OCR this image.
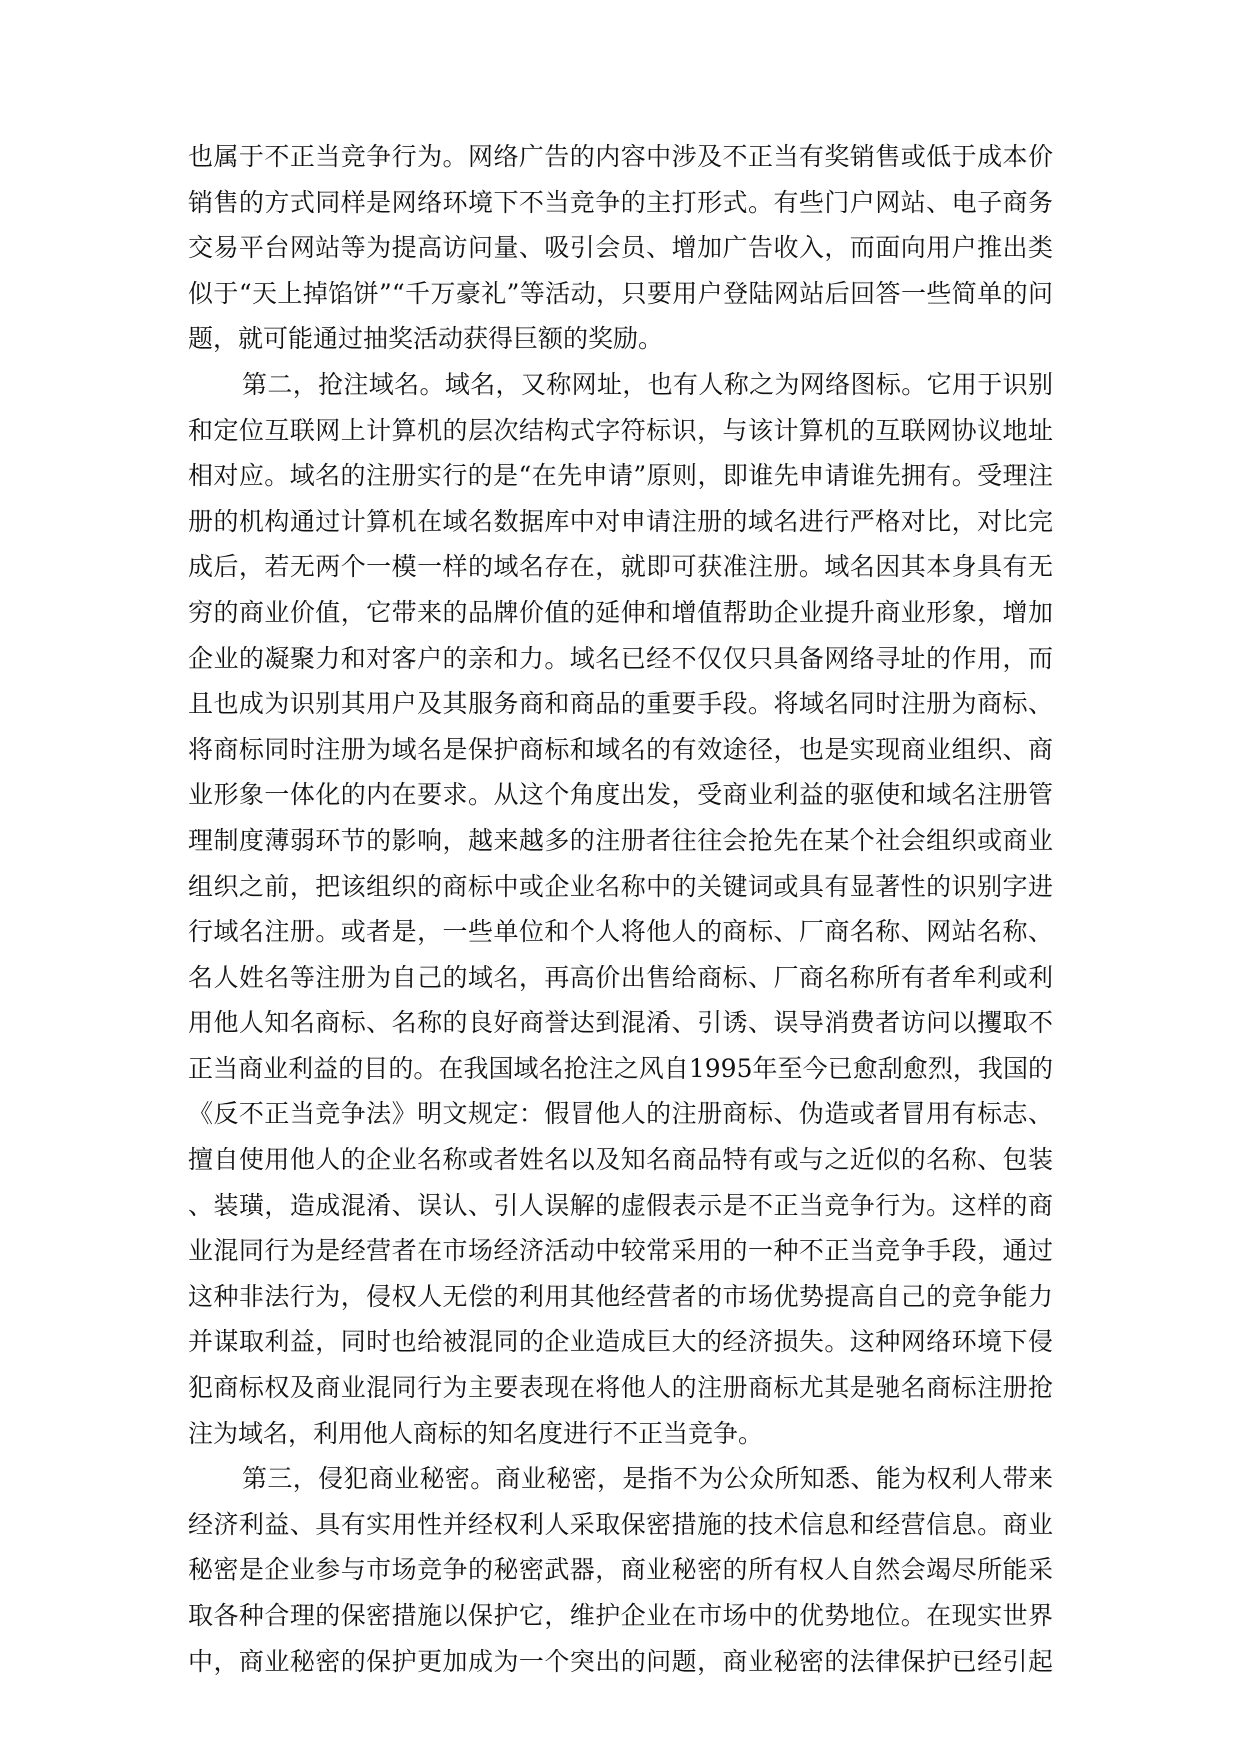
也属于不正当竞争行为。网络广告的内容中涉及不正当有奖销售或低于成本价
销售的方式同样是网络环境下不当竞争的主打形式。有些门户网站、电子商务
交易平台网站等为提高访问量、吸引会员、增加广告收入，而面向用户推出类
似于“天上掉馅饼”“千万豪礼”等活动，只要用户登陆网站后回答一些简单的问
题，就可能通过抽奖活动获得巨额的奖励。
第二，抢注域名。域名，又称网址，也有人称之为网络图标。它用于识别
和定位互联网上计算机的层次结构式字符标识，与该计算机的互联网协议地址
相对应。域名的注册实行的是“在先申请”原则，即谁先申请谁先拥有。受理注
册的机构通过计算机在域名数据库中对申请注册的域名进行严格对比，对比完
成后，若无两个一模一样的域名存在，就即可获准注册。域名因其本身具有无
穷的商业价值，它带来的品牌价值的延伸和增值帮助企业提升商业形象，增加
企业的凝聚力和对客户的亲和力。域名已经不仅仅只具备网络寻址的作用，而
且也成为识别其用户及其服务商和商品的重要手段。将域名同时注册为商标、
将商标同时注册为域名是保护商标和域名的有效途径，也是实现商业组织、商
业形象一体化的内在要求。从这个角度出发，受商业利益的驱使和域名注册管
理制度薄弱环节的影响，越来越多的注册者往往会抢先在某个社会组织或商业
组织之前，把该组织的商标中或企业名称中的关键词或具有显著性的识别字进
行域名注册。或者是，一些单位和个人将他人的商标、厂商名称、网站名称、
名人姓名等注册为自己的域名，再高价出售给商标、厂商名称所有者牟利或利
用他人知名商标、名称的良好商誉达到混淆、引诱、误导消费者访问以攫取不
正当商业利益的目的。在我国域名抢注之风自1995年至今已愈刮愈烈，我国的
《反不正当竞争法》明文规定：假冒他人的注册商标、伪造或者冒用有标志、
擅自使用他人的企业名称或者姓名以及知名商品特有或与之近似的名称、包装
、装璜，造成混淆、误认、引人误解的虚假表示是不正当竞争行为。这样的商
业混同行为是经营者在市场经济活动中较常采用的一种不正当竞争手段，通过
这种非法行为，侵权人无偿的利用其他经营者的市场优势提高自己的竞争能力
并谋取利益，同时也给被混同的企业造成巨大的经济损失。这种网络环境下侵
犯商标权及商业混同行为主要表现在将他人的注册商标尤其是驰名商标注册抢
注为域名，利用他人商标的知名度进行不正当竞争。
第三，侵犯商业秘密。商业秘密，是指不为公众所知悉、能为权利人带来
经济利益、具有实用性并经权利人采取保密措施的技术信息和经营信息。商业
秘密是企业参与市场竞争的秘密武器，商业秘密的所有权人自然会竭尽所能采
取各种合理的保密措施以保护它，维护企业在市场中的优势地位。在现实世界
中，商业秘密的保护更加成为一个突出的问题，商业秘密的法律保护已经引起
